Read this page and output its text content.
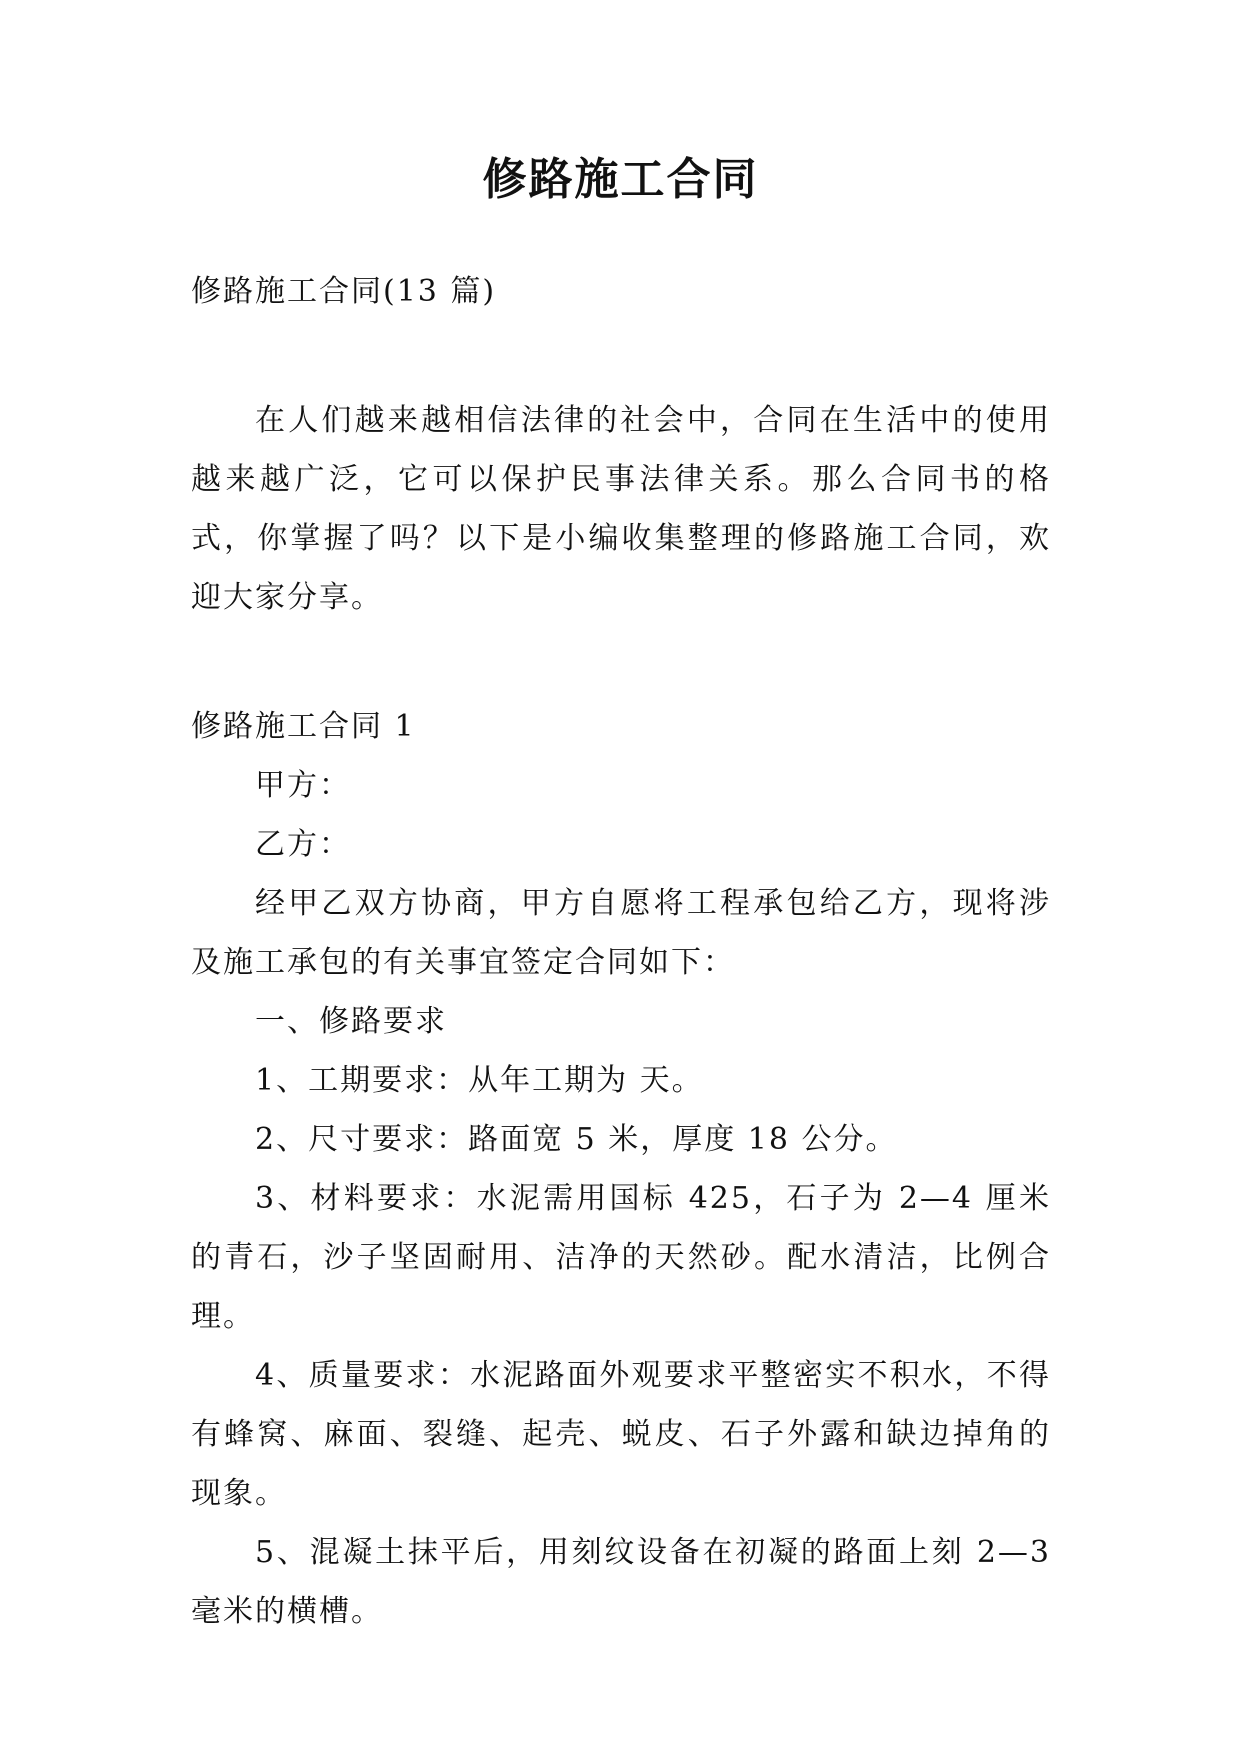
修路施工合同

修路施工合同(13 篇)

在人们越来越相信法律的社会中，合同在生活中的使用越来越广泛，它可以保护民事法律关系。那么合同书的格式，你掌握了吗？以下是小编收集整理的修路施工合同，欢迎大家分享。

修路施工合同 1

甲方：

乙方：

经甲乙双方协商，甲方自愿将工程承包给乙方，现将涉及施工承包的有关事宜签定合同如下：

一、修路要求

1、工期要求：从年工期为 天。

2、尺寸要求：路面宽 5 米，厚度 18 公分。

3、材料要求：水泥需用国标 425，石子为 2—4 厘米的青石，沙子坚固耐用、洁净的天然砂。配水清洁，比例合理。

4、质量要求：水泥路面外观要求平整密实不积水，不得有蜂窝、麻面、裂缝、起壳、蜕皮、石子外露和缺边掉角的现象。

5、混凝土抹平后，用刻纹设备在初凝的路面上刻 2—3 毫米的横槽。
